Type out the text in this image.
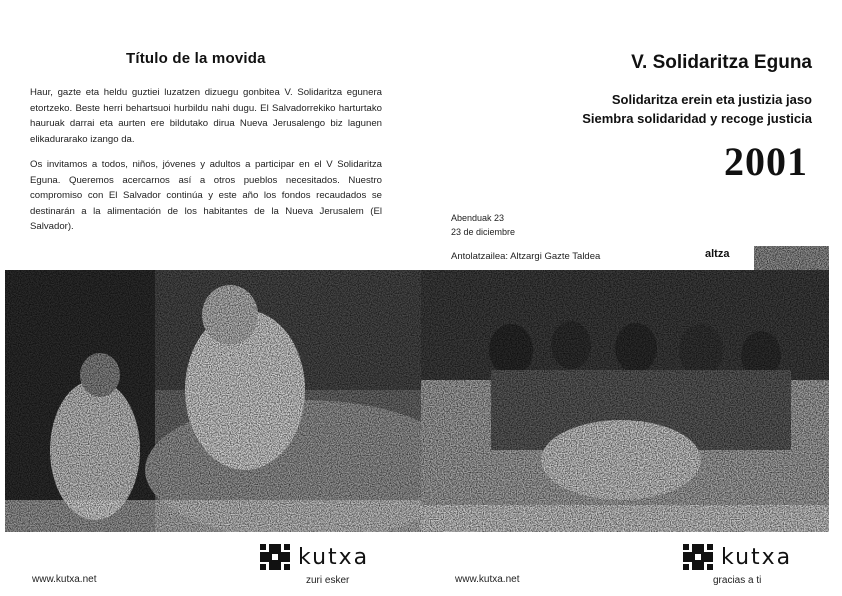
Título de la movida
Haur, gazte eta heldu guztiei luzatzen dizuegu gonbitea V. Solidaritza egunera etortzeko. Beste herri behartsuoi hurbildu nahi dugu. El Salvadorrekiko harturtako hauruak darrai eta aurten ere bildutako dirua Nueva Jerusalengo biz lagunen elikadurarako izango da.
Os invitamos a todos, niños, jóvenes y adultos a participar en el V Solidaritza Eguna. Queremos acercarnos así a otros pueblos necesitados. Nuestro compromiso con El Salvador continúa y este año los fondos recaudados se destinarán a la alimentación de los habitantes de la Nueva Jerusalem (El Salvador).
kutxa
zuri esker
www.kutxa.net
V. Solidaritza Eguna
Solidaritza erein eta justizia jaso
Siembra solidaridad y recoge justicia
2001
Abenduak 23
23 de diciembre
Antolatzailea: Altzargi Gazte Taldea	altza
kutxa
gracias a ti
www.kutxa.net
